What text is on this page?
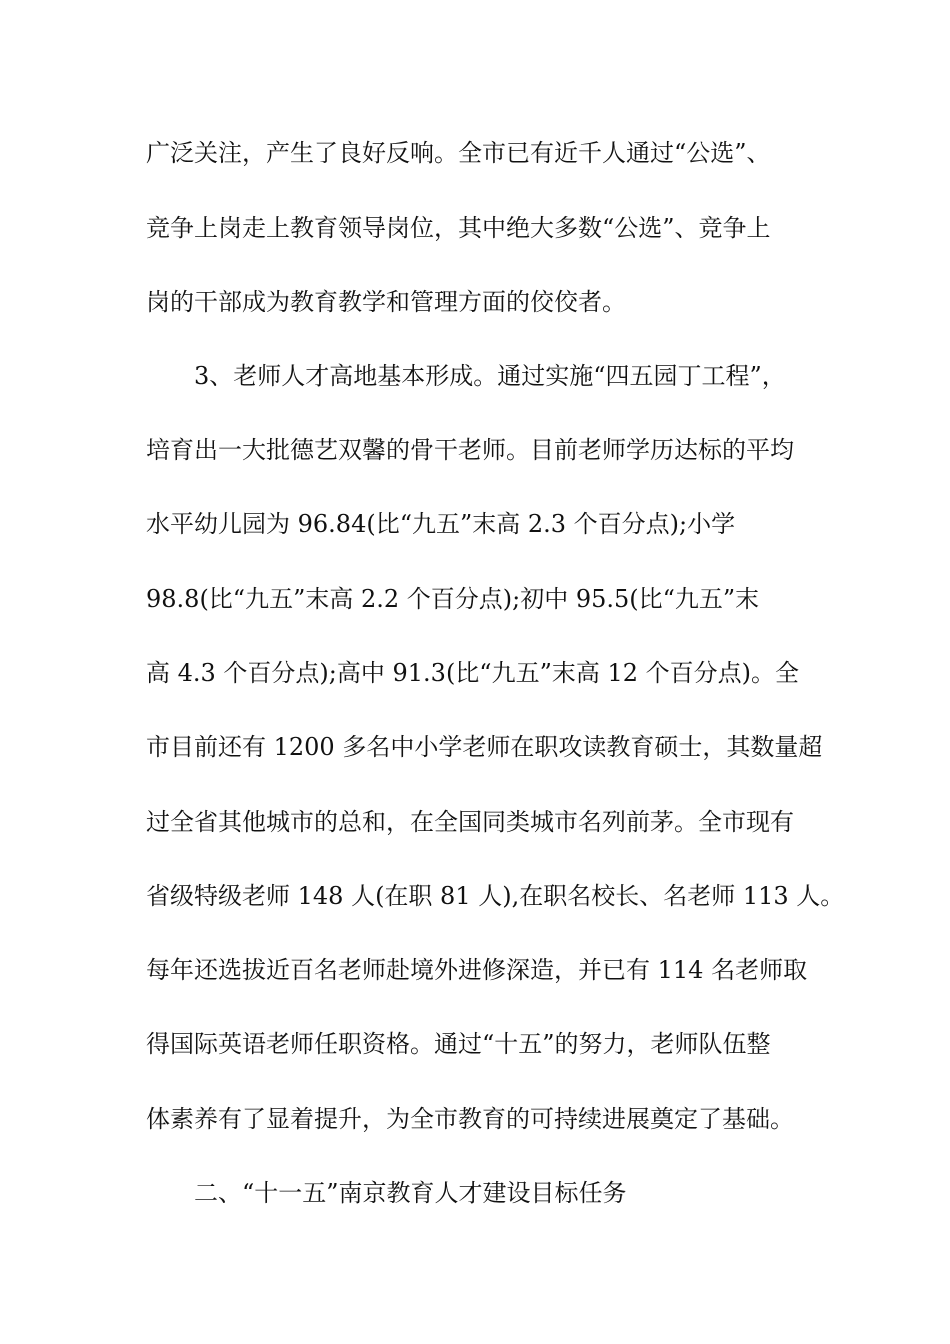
广泛关注，产生了良好反响。全市已有近千人通过“公选”、

竞争上岗走上教育领导岗位，其中绝大多数“公选”、竞争上

岗的干部成为教育教学和管理方面的佼佼者。

3、老师人才高地基本形成。通过实施“四五园丁工程”，

培育出一大批德艺双馨的骨干老师。目前老师学历达标的平均

水平幼儿园为 96.84(比“九五”末高 2.3 个百分点);小学

98.8(比“九五”末高 2.2 个百分点);初中 95.5(比“九五”末

高 4.3 个百分点);高中 91.3(比“九五”末高 12 个百分点)。全

市目前还有 1200 多名中小学老师在职攻读教育硕士，其数量超

过全省其他城市的总和，在全国同类城市名列前茅。全市现有

省级特级老师 148 人(在职 81 人),在职名校长、名老师 113 人。

每年还选拔近百名老师赴境外进修深造，并已有 114 名老师取

得国际英语老师任职资格。通过“十五”的努力，老师队伍整

体素养有了显着提升，为全市教育的可持续进展奠定了基础。

二、“十一五”南京教育人才建设目标任务
